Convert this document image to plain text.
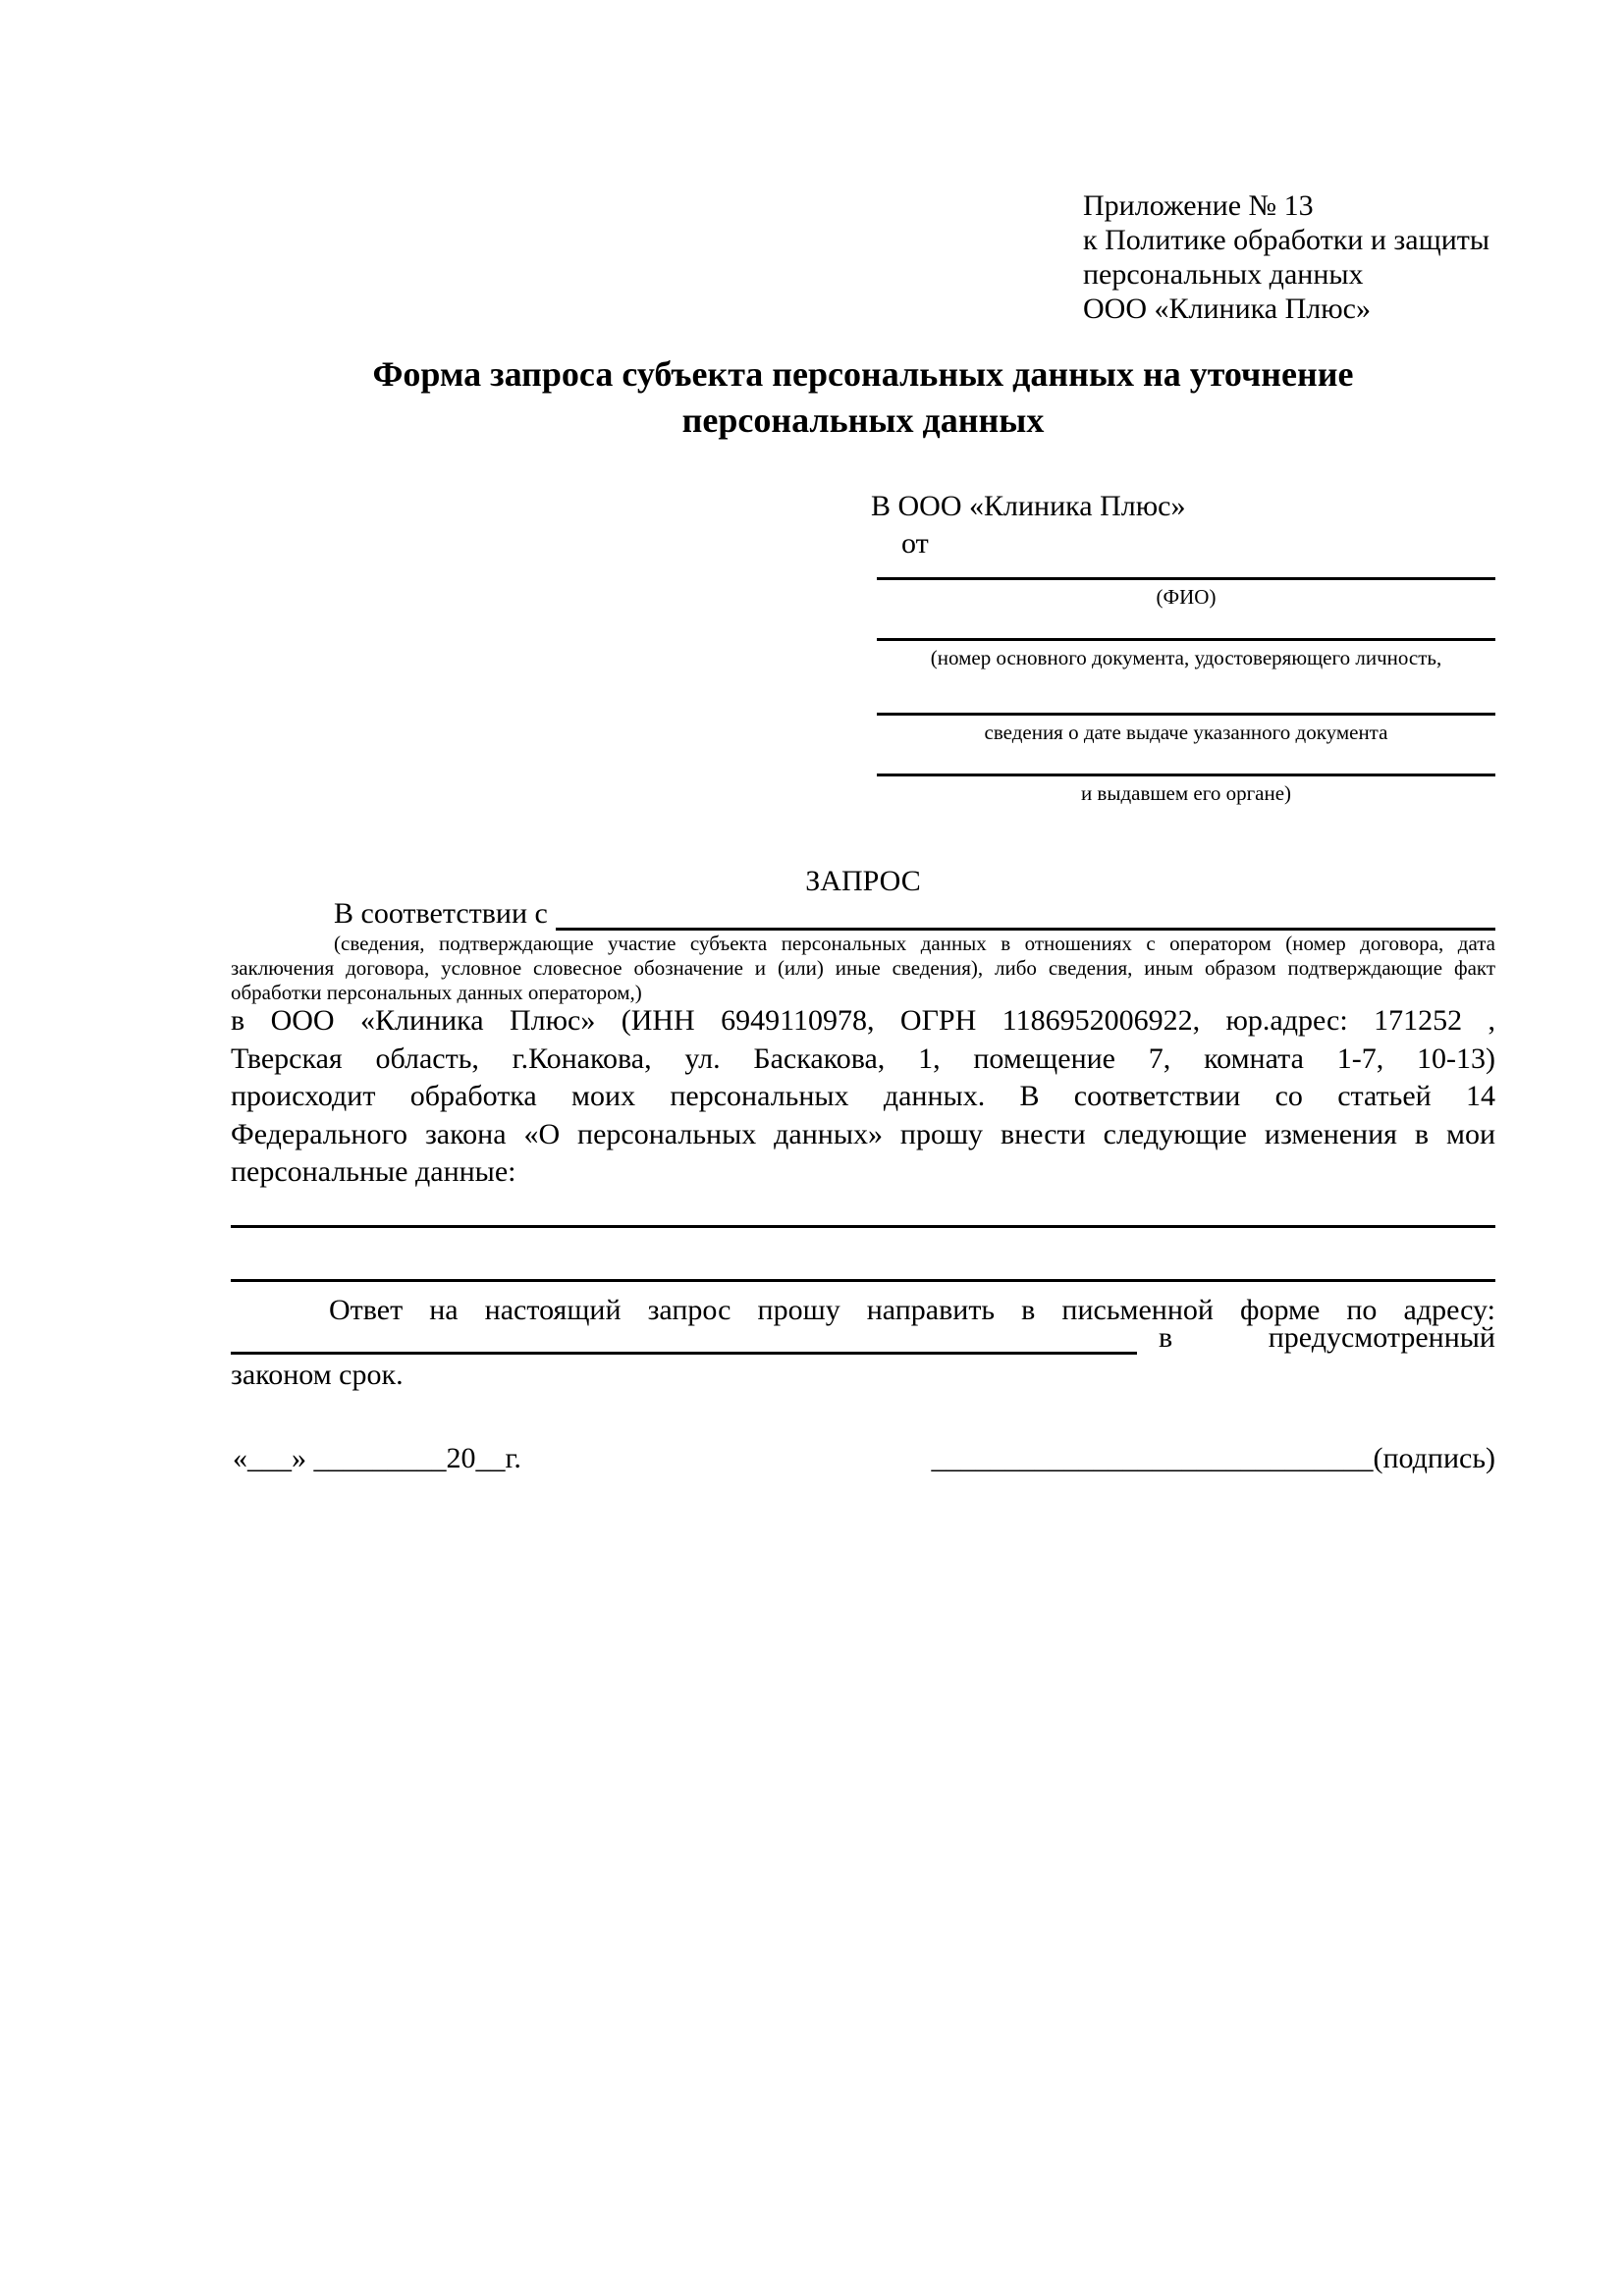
Приложение № 13
к Политике обработки и защиты
персональных данных
ООО «Клиника Плюс»
Форма запроса субъекта персональных данных на уточнение
персональных данных
В ООО «Клиника Плюс»
от
(ФИО)
(номер основного документа, удостоверяющего личность,
сведения о дате выдаче указанного документа
и выдавшем его органе)
ЗАПРОС
В соответствии с
(сведения, подтверждающие участие субъекта персональных данных в отношениях с оператором (номер договора, дата
заключения договора, условное словесное обозначение и (или) иные сведения), либо сведения, иным образом подтверждающие факт
обработки персональных данных оператором,)
в ООО «Клиника Плюс» (ИНН 6949110978, ОГРН 1186952006922, юр.адрес: 171252 ,
Тверская область, г.Конакова, ул. Баскакова, 1, помещение 7, комната 1-7, 10-13)
происходит обработка моих персональных данных. В соответствии со статьей 14
Федерального закона «О персональных данных» прошу внести следующие изменения в мои
персональные данные:
Ответ на настоящий запрос прошу направить в письменной форме по адресу:
в	предусмотренный
законом срок.
«___» _________20__г.	______________________________(подпись)
